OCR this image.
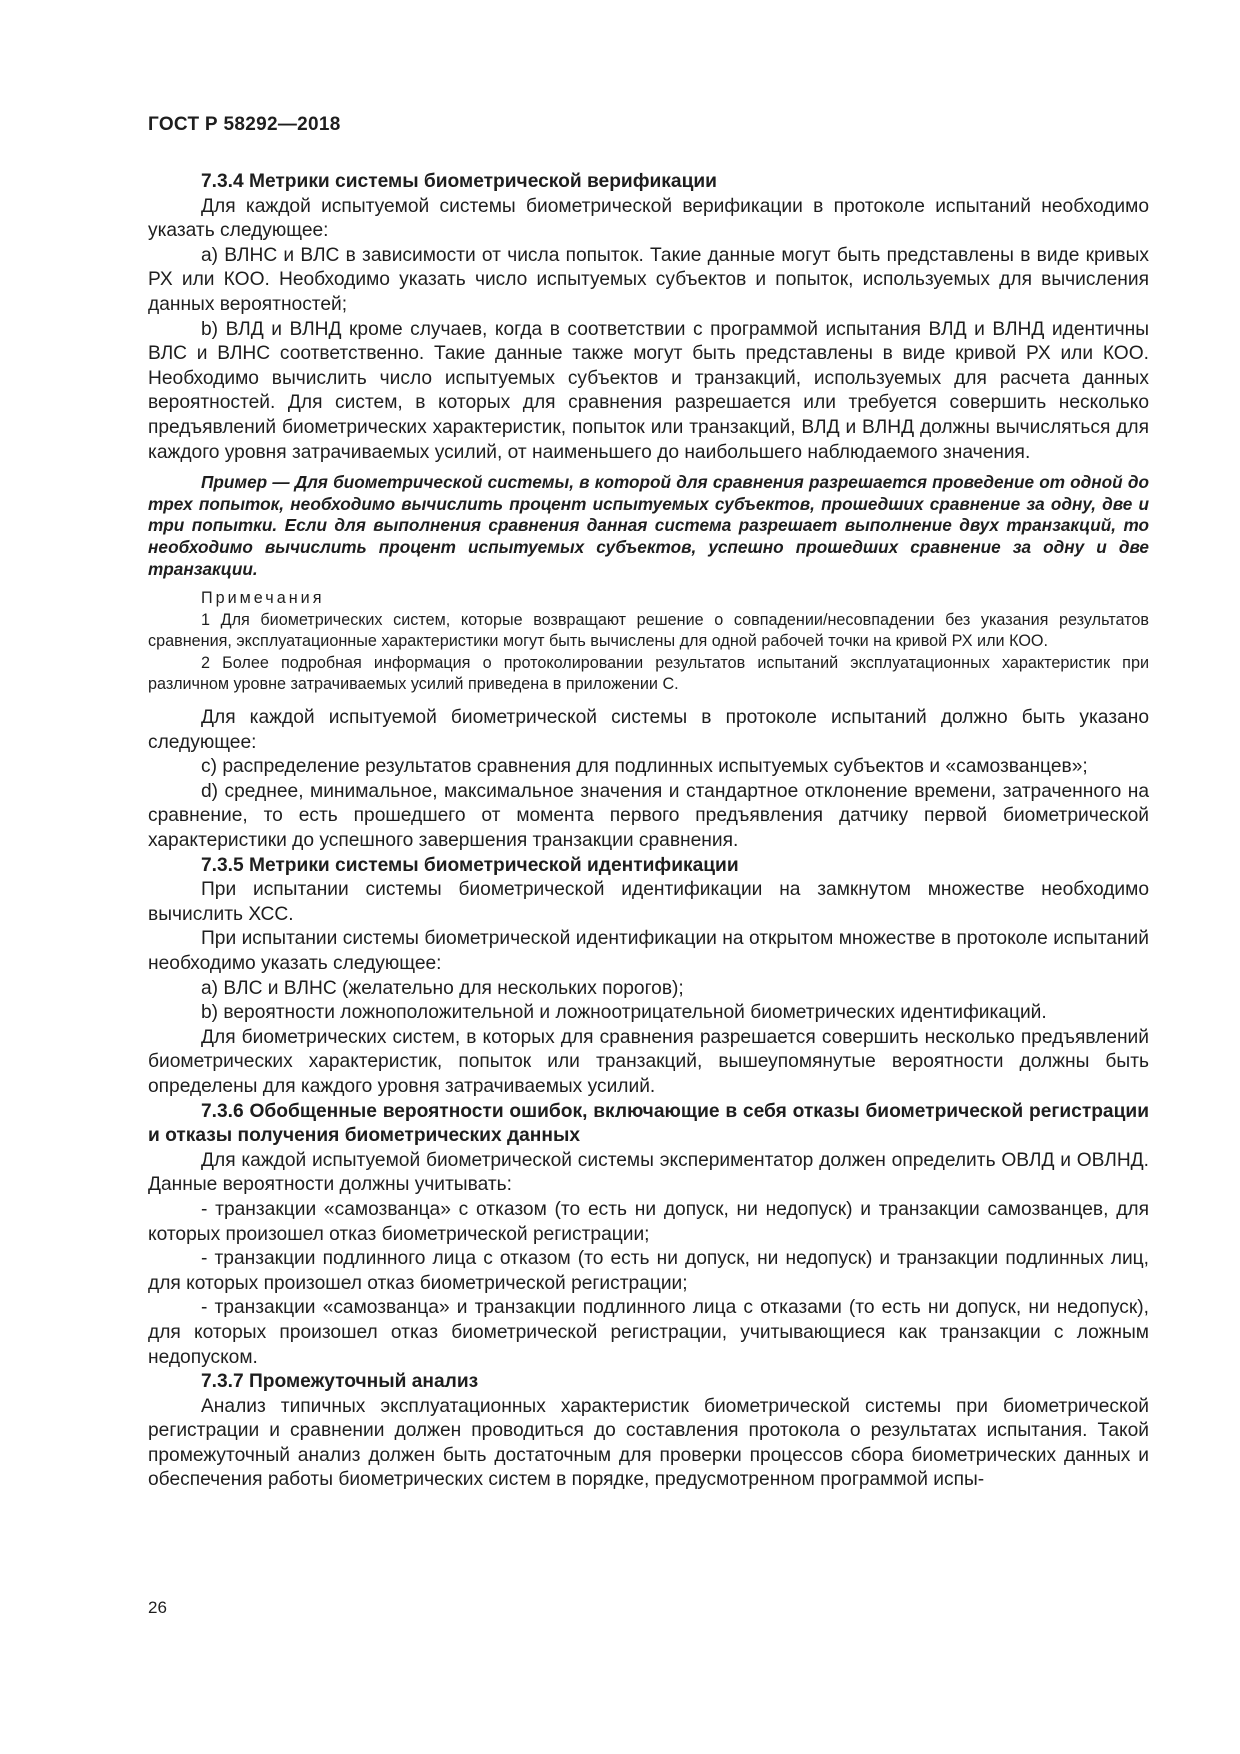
ГОСТ Р 58292—2018

7.3.4 Метрики системы биометрической верификации

Для каждой испытуемой системы биометрической верификации в протоколе испытаний необходимо указать следующее:

a) ВЛНС и ВЛС в зависимости от числа попыток. Такие данные могут быть представлены в виде кривых РХ или КОО. Необходимо указать число испытуемых субъектов и попыток, используемых для вычисления данных вероятностей;

b) ВЛД и ВЛНД кроме случаев, когда в соответствии с программой испытания ВЛД и ВЛНД идентичны ВЛС и ВЛНС соответственно. Такие данные также могут быть представлены в виде кривой РХ или КОО. Необходимо вычислить число испытуемых субъектов и транзакций, используемых для расчета данных вероятностей. Для систем, в которых для сравнения разрешается или требуется совершить несколько предъявлений биометрических характеристик, попыток или транзакций, ВЛД и ВЛНД должны вычисляться для каждого уровня затрачиваемых усилий, от наименьшего до наибольшего наблюдаемого значения.

Пример — Для биометрической системы, в которой для сравнения разрешается проведение от одной до трех попыток, необходимо вычислить процент испытуемых субъектов, прошедших сравнение за одну, две и три попытки. Если для выполнения сравнения данная система разрешает выполнение двух транзакций, то необходимо вычислить процент испытуемых субъектов, успешно прошедших сравнение за одну и две транзакции.

Примечания

1 Для биометрических систем, которые возвращают решение о совпадении/несовпадении без указания результатов сравнения, эксплуатационные характеристики могут быть вычислены для одной рабочей точки на кривой РХ или КОО.

2 Более подробная информация о протоколировании результатов испытаний эксплуатационных характеристик при различном уровне затрачиваемых усилий приведена в приложении С.

Для каждой испытуемой биометрической системы в протоколе испытаний должно быть указано следующее:

c) распределение результатов сравнения для подлинных испытуемых субъектов и «самозванцев»;

d) среднее, минимальное, максимальное значения и стандартное отклонение времени, затраченного на сравнение, то есть прошедшего от момента первого предъявления датчику первой биометрической характеристики до успешного завершения транзакции сравнения.

7.3.5 Метрики системы биометрической идентификации

При испытании системы биометрической идентификации на замкнутом множестве необходимо вычислить ХСС.

При испытании системы биометрической идентификации на открытом множестве в протоколе испытаний необходимо указать следующее:

a) ВЛС и ВЛНС (желательно для нескольких порогов);

b) вероятности ложноположительной и ложноотрицательной биометрических идентификаций.

Для биометрических систем, в которых для сравнения разрешается совершить несколько предъявлений биометрических характеристик, попыток или транзакций, вышеупомянутые вероятности должны быть определены для каждого уровня затрачиваемых усилий.

7.3.6 Обобщенные вероятности ошибок, включающие в себя отказы биометрической регистрации и отказы получения биометрических данных

Для каждой испытуемой биометрической системы экспериментатор должен определить ОВЛД и ОВЛНД. Данные вероятности должны учитывать:

- транзакции «самозванца» с отказом (то есть ни допуск, ни недопуск) и транзакции самозванцев, для которых произошел отказ биометрической регистрации;

- транзакции подлинного лица с отказом (то есть ни допуск, ни недопуск) и транзакции подлинных лиц, для которых произошел отказ биометрической регистрации;

- транзакции «самозванца» и транзакции подлинного лица с отказами (то есть ни допуск, ни недопуск), для которых произошел отказ биометрической регистрации, учитывающиеся как транзакции с ложным недопуском.

7.3.7 Промежуточный анализ

Анализ типичных эксплуатационных характеристик биометрической системы при биометрической регистрации и сравнении должен проводиться до составления протокола о результатах испытания. Такой промежуточный анализ должен быть достаточным для проверки процессов сбора биометрических данных и обеспечения работы биометрических систем в порядке, предусмотренном программой испы-

26
